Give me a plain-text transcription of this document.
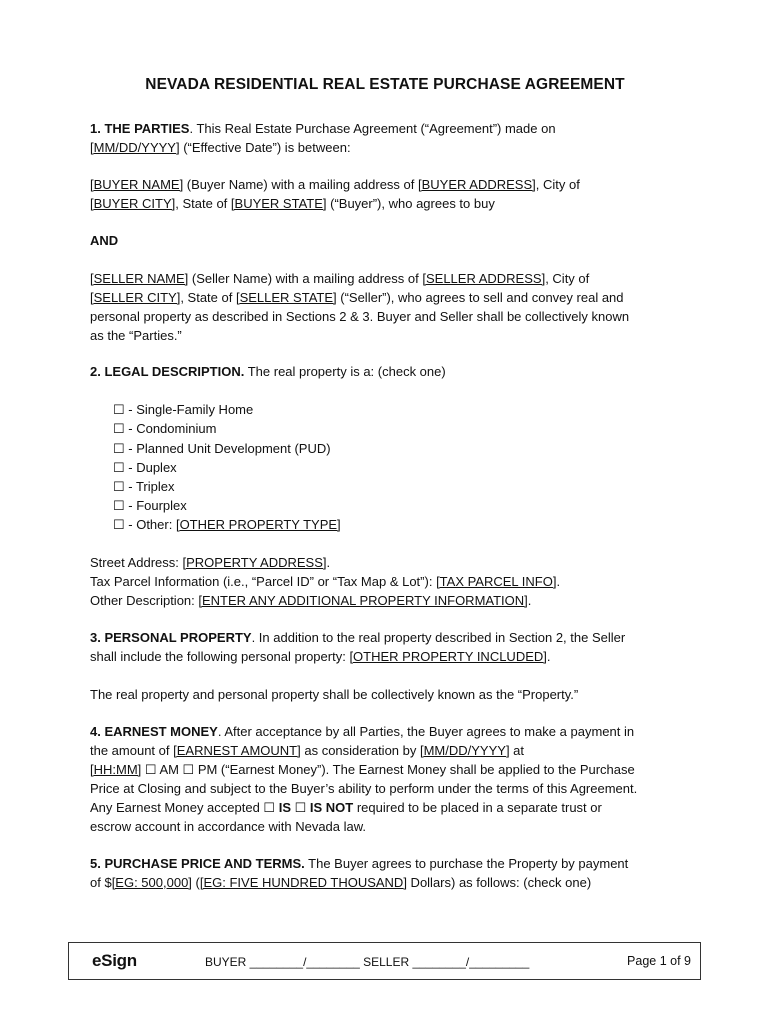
NEVADA RESIDENTIAL REAL ESTATE PURCHASE AGREEMENT
1. THE PARTIES. This Real Estate Purchase Agreement (“Agreement”) made on
[MM/DD/YYYY] (“Effective Date”) is between:
[BUYER NAME] (Buyer Name) with a mailing address of [BUYER ADDRESS], City of
[BUYER CITY], State of [BUYER STATE] (“Buyer”), who agrees to buy
AND
[SELLER NAME] (Seller Name) with a mailing address of [SELLER ADDRESS], City of
[SELLER CITY], State of [SELLER STATE] (“Seller”), who agrees to sell and convey real and
personal property as described in Sections 2 & 3. Buyer and Seller shall be collectively known
as the “Parties.”
2. LEGAL DESCRIPTION. The real property is a: (check one)
☐ - Single-Family Home
☐ - Condominium
☐ - Planned Unit Development (PUD)
☐ - Duplex
☐ - Triplex
☐ - Fourplex
☐ - Other: [OTHER PROPERTY TYPE]
Street Address: [PROPERTY ADDRESS].
Tax Parcel Information (i.e., “Parcel ID” or “Tax Map & Lot”): [TAX PARCEL INFO].
Other Description: [ENTER ANY ADDITIONAL PROPERTY INFORMATION].
3. PERSONAL PROPERTY. In addition to the real property described in Section 2, the Seller
shall include the following personal property: [OTHER PROPERTY INCLUDED].
The real property and personal property shall be collectively known as the “Property.”
4. EARNEST MONEY. After acceptance by all Parties, the Buyer agrees to make a payment in
the amount of [EARNEST AMOUNT] as consideration by [MM/DD/YYYY] at
[HH:MM] ☐ AM ☐ PM (“Earnest Money”). The Earnest Money shall be applied to the Purchase
Price at Closing and subject to the Buyer’s ability to perform under the terms of this Agreement.
Any Earnest Money accepted ☐ IS ☐ IS NOT required to be placed in a separate trust or
escrow account in accordance with Nevada law.
5. PURCHASE PRICE AND TERMS. The Buyer agrees to purchase the Property by payment
of $[EG: 500,000] ([EG: FIVE HUNDRED THOUSAND] Dollars) as follows: (check one)
eSign	BUYER ________/________ SELLER ________/_________	Page 1 of 9
